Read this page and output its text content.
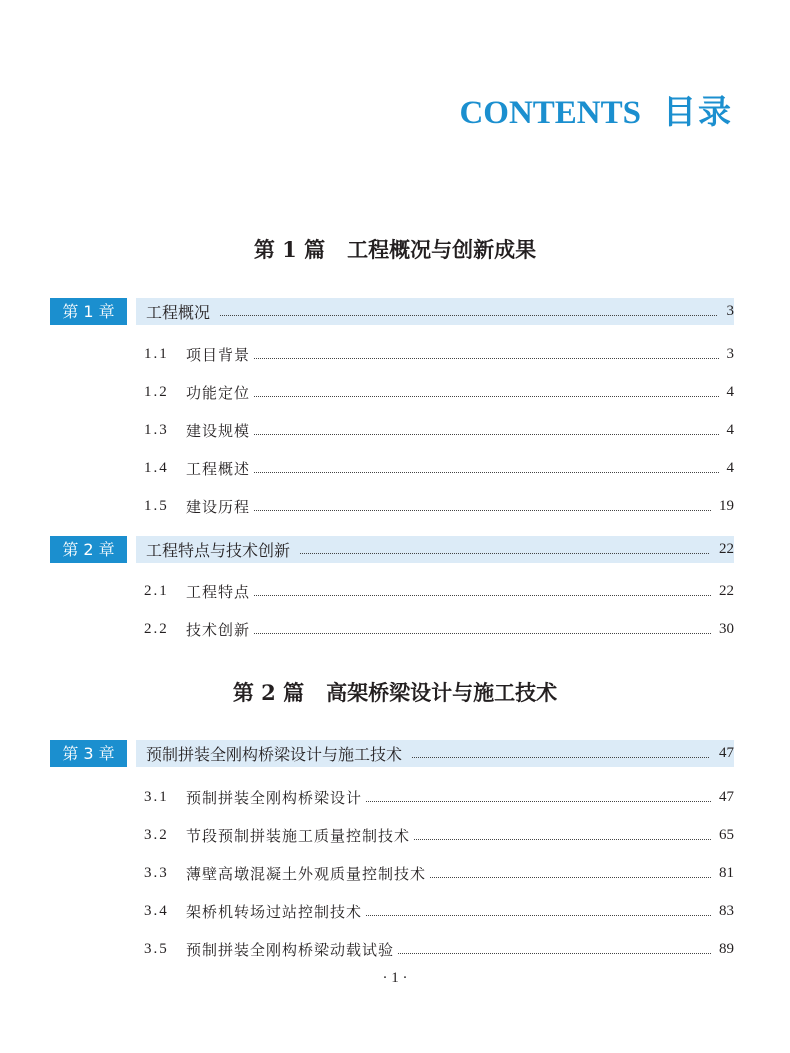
CONTENTS 目录
第 1 篇 工程概况与创新成果
第 1 章	工程概况	3
1.1	项目背景	3
1.2	功能定位	4
1.3	建设规模	4
1.4	工程概述	4
1.5	建设历程	19
第 2 章	工程特点与技术创新	22
2.1	工程特点	22
2.2	技术创新	30
第 2 篇 高架桥梁设计与施工技术
第 3 章	预制拼装全刚构桥梁设计与施工技术	47
3.1	预制拼装全刚构桥梁设计	47
3.2	节段预制拼装施工质量控制技术	65
3.3	薄壁高墩混凝土外观质量控制技术	81
3.4	架桥机转场过站控制技术	83
3.5	预制拼装全刚构桥梁动载试验	89
· 1 ·
